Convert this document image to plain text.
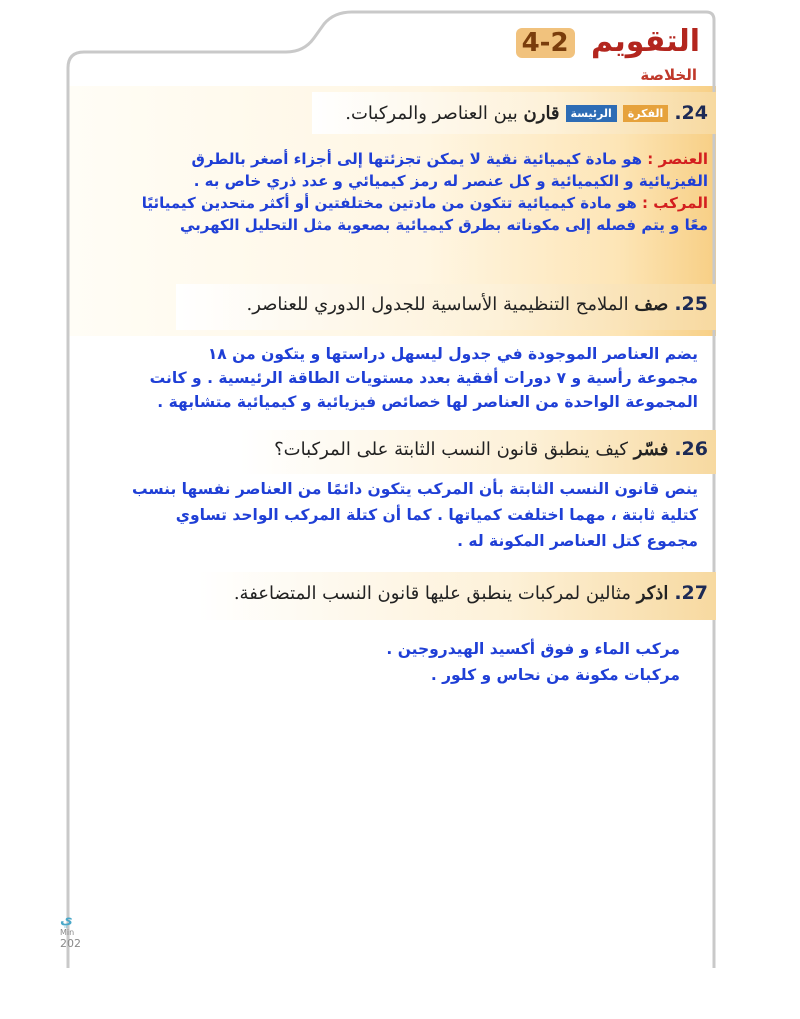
التقويم 4-2
الخلاصة
24.
الفكرة
الرئيسة
قارن بين العناصر والمركبات.

العنصر : هو مادة كيميائية نقية لا يمكن تجزئتها إلى أجزاء أصغر بالطرق

الفيزيائية و الكيميائية و كل عنصر له رمز كيميائي و عدد ذري خاص به .

المركب : هو مادة كيميائية تتكون من مادتين مختلفتين أو أكثر متحدين كيميائيًا

معًا و يتم فصله إلى مكوناته بطرق كيميائية بصعوبة مثل التحليل الكهربي

25.
صف الملامح التنظيمية الأساسية للجدول الدوري للعناصر.

يضم العناصر الموجودة في جدول ليسهل دراستها و يتكون من ١٨

مجموعة رأسية و ٧ دورات أفقية بعدد مستويات الطاقة الرئيسية . و كانت

المجموعة الواحدة من العناصر لها خصائص فيزيائية و كيميائية متشابهة .

26.
فسّر كيف ينطبق قانون النسب الثابتة على المركبات؟

ينص قانون النسب الثابتة بأن المركب يتكون دائمًا من العناصر نفسها بنسب

كتلية ثابتة ، مهما اختلفت كمياتها . كما أن كتلة المركب الواحد تساوي

مجموع كتل العناصر المكونة له .

27.
اذكر مثالين لمركبات ينطبق عليها قانون النسب المتضاعفة.

مركب الماء و فوق أكسيد الهيدروجين .

مركبات مكونة من نحاس و كلور .

ي
Min
202
